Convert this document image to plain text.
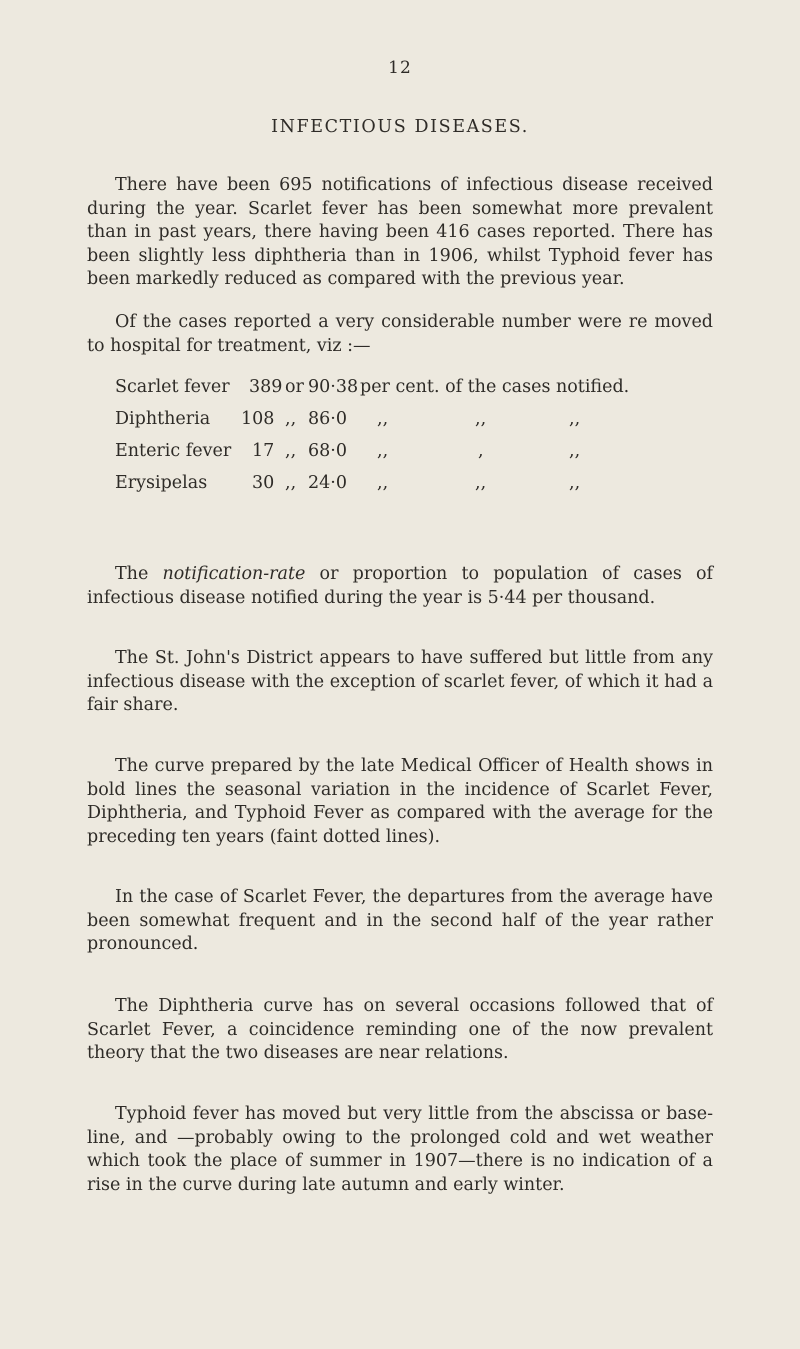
12
INFECTIOUS DISEASES.

There have been 695 notifications of infectious disease received during the year. Scarlet fever has been somewhat more prevalent than in past years, there having been 416 cases reported. There has been slightly less diphtheria than in 1906, whilst Typhoid fever has been markedly reduced as compared with the previous year.

Of the cases reported a very considerable number were re moved to hospital for treatment, viz :—

Scarlet fever 389 or 90·38 per cent. of the cases notified.
Diphtheria 108 ,, 86·0 ,,	,,	,,
Enteric fever 17 ,, 68·0 ,,	,	,,
Erysipelas	30 ,, 24·0 ,,	,,	,,

The notification-rate or proportion to population of cases of infectious disease notified during the year is 5·44 per thousand.

The St. John's District appears to have suffered but little from any infectious disease with the exception of scarlet fever, of which it had a fair share.

The curve prepared by the late Medical Officer of Health shows in bold lines the seasonal variation in the incidence of Scarlet Fever, Diphtheria, and Typhoid Fever as compared with the average for the preceding ten years (faint dotted lines).

In the case of Scarlet Fever, the departures from the average have been somewhat frequent and in the second half of the year rather pronounced.

The Diphtheria curve has on several occasions followed that of Scarlet Fever, a coincidence reminding one of the now prevalent theory that the two diseases are near relations.

Typhoid fever has moved but very little from the abscissa or base-line, and —probably owing to the prolonged cold and wet weather which took the place of summer in 1907—there is no indication of a rise in the curve during late autumn and early winter.
